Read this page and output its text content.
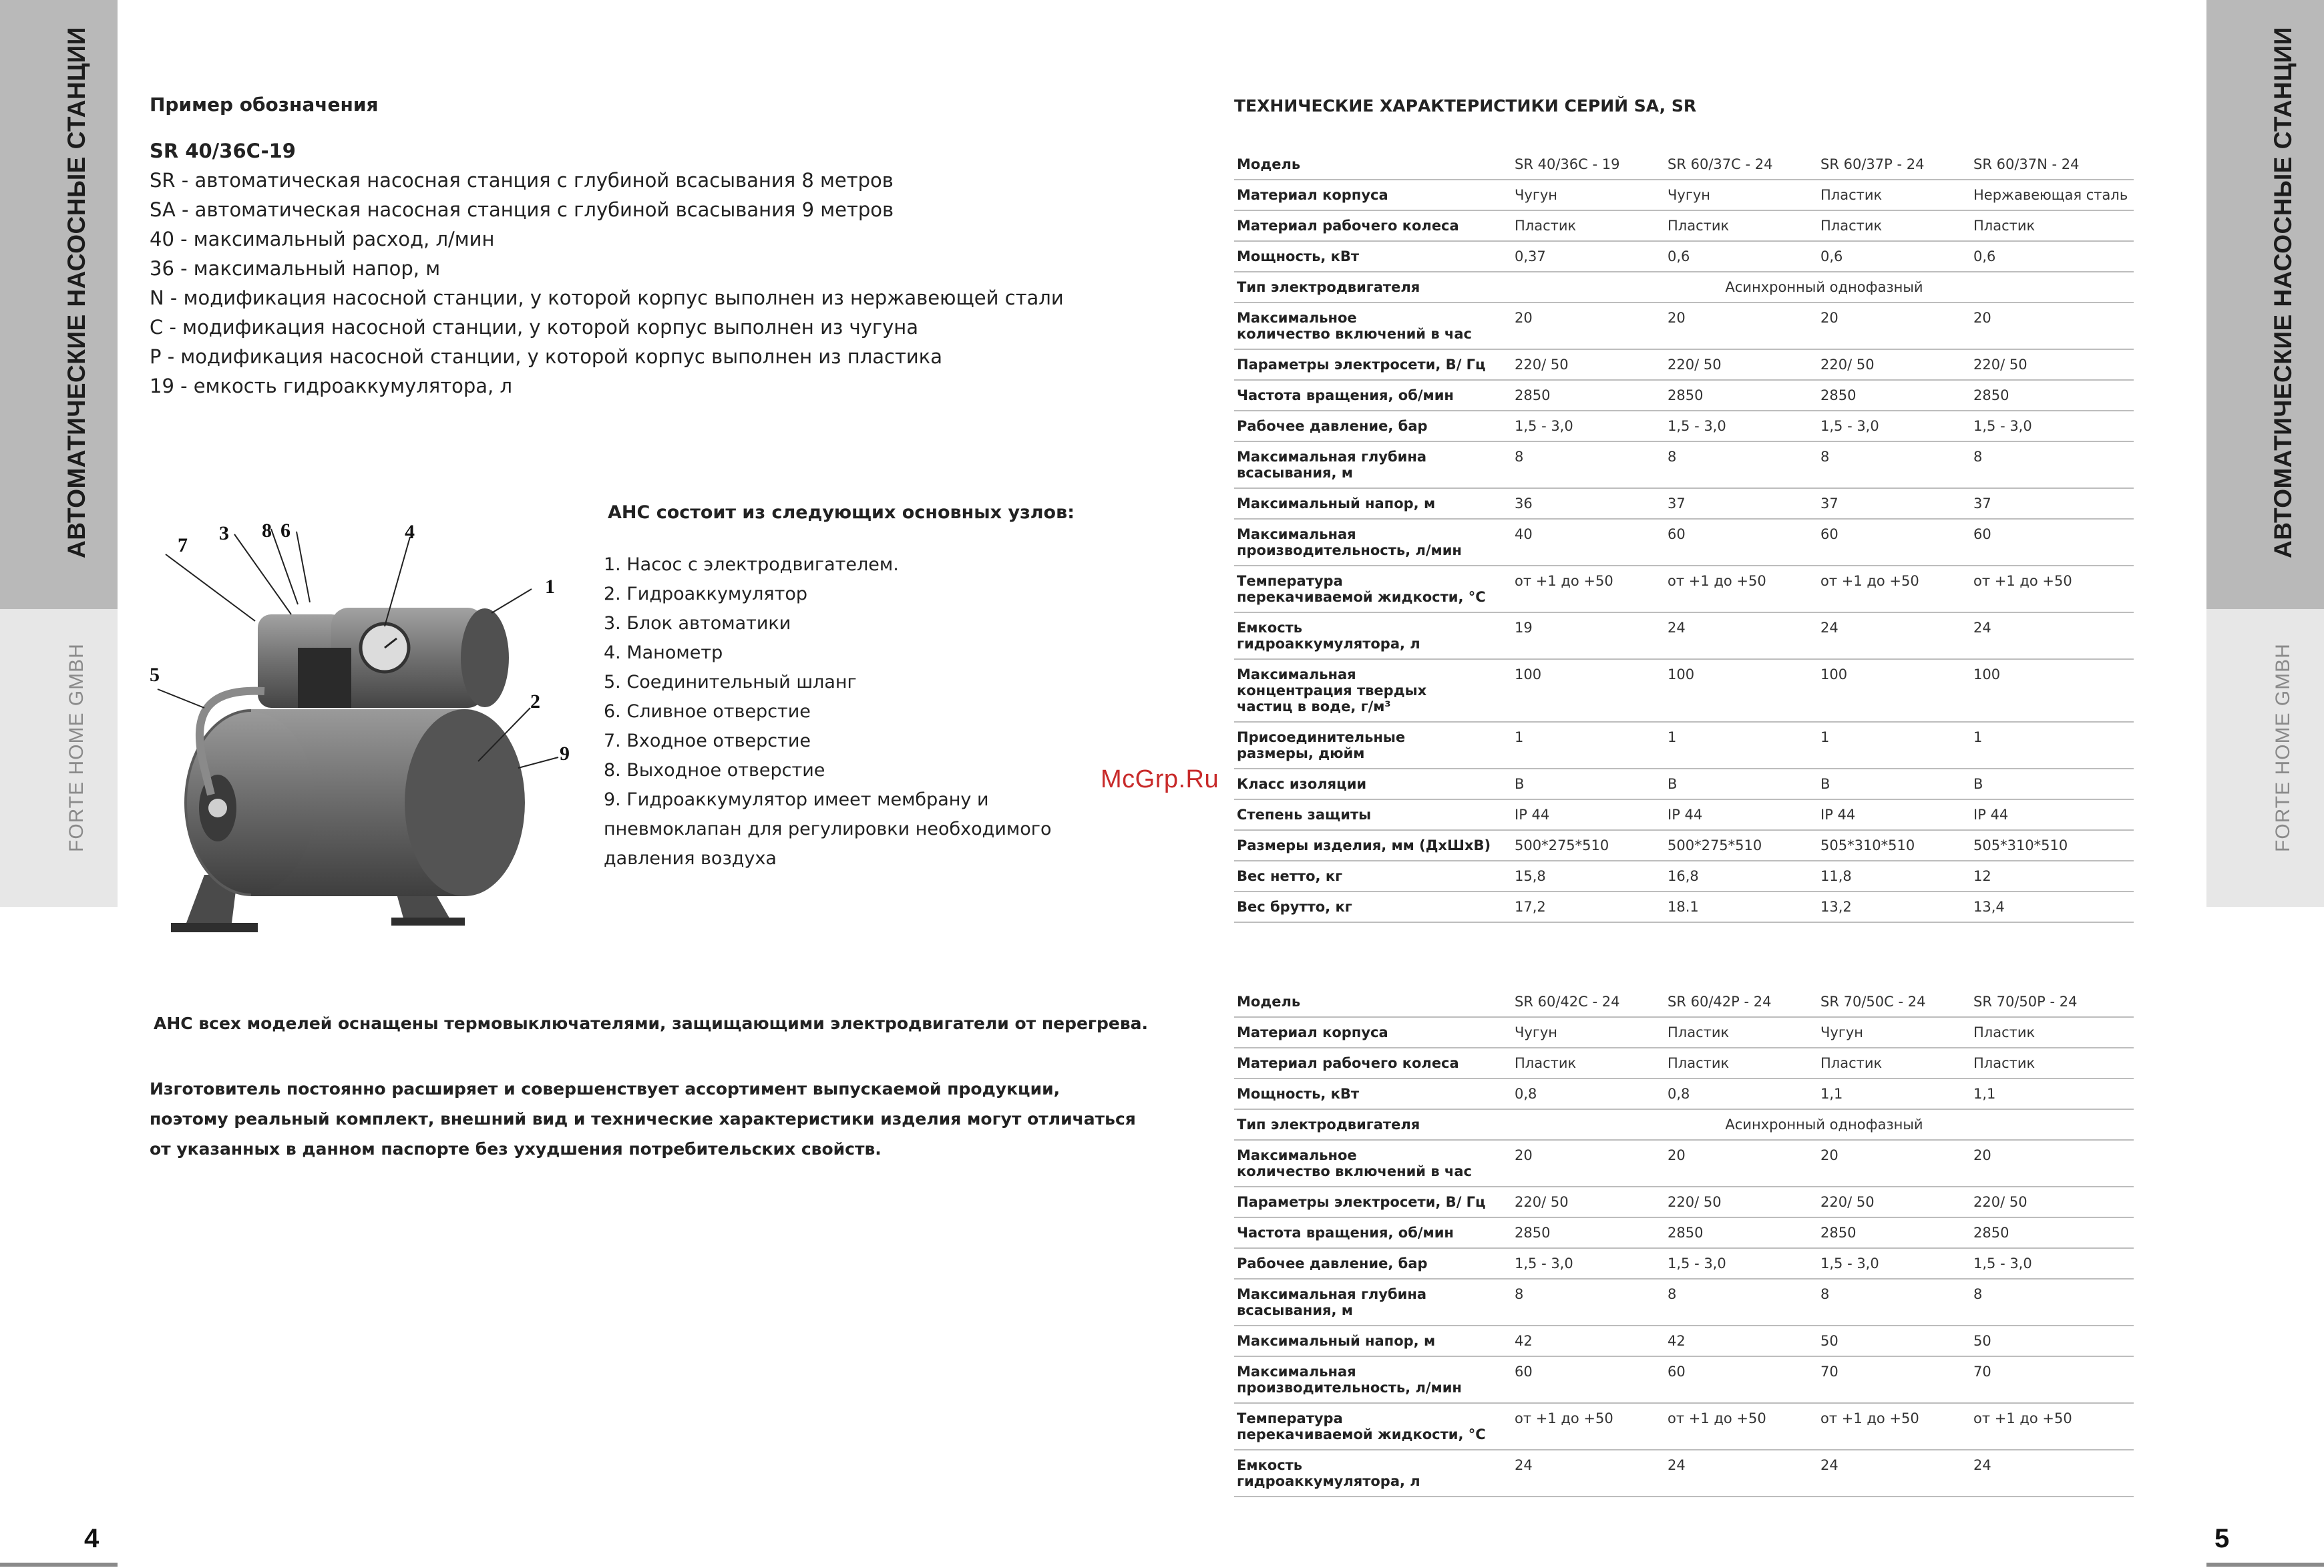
АВТОМАТИЧЕСКИЕ НАСОСНЫЕ СТАНЦИИ
FORTE HOME GMBH
АВТОМАТИЧЕСКИЕ НАСОСНЫЕ СТАНЦИИ
FORTE HOME GMBH
Пример обозначения
SR 40/36C-19
SR - автоматическая насосная станция с глубиной всасывания 8 метров
SA - автоматическая насосная станция с глубиной всасывания 9 метров
40 - максимальный расход, л/мин
36 - максимальный напор, м
N - модификация насосной станции, у которой корпус выполнен из нержавеющей стали
C - модификация насосной станции, у которой корпус выполнен из чугуна
P - модификация насосной станции, у которой корпус выполнен из пластика
19 - емкость гидроаккумулятора, л
1
2
3	4
5
6
7
8
9
АНС состоит из следующих основных узлов:
1. Насос с электродвигателем.
2. Гидроаккумулятор
3. Блок автоматики
4. Манометр
5. Соединительный шланг
6. Сливное отверстие
7. Входное отверстие
8. Выходное отверстие
9. Гидроаккумулятор имеет мембрану и
пневмоклапан для регулировки необходимого
давления воздуха
АНС всех моделей оснащены термовыключателями, защищающими электродвигатели от перегрева.
Изготовитель постоянно расширяет и совершенствует ассортимент выпускаемой продукции,
поэтому реальный комплект, внешний вид и технические характеристики изделия могут отличаться
от указанных в данном паспорте без ухудшения потребительских свойств.
4
McGrp.Ru
ТЕХНИЧЕСКИЕ ХАРАКТЕРИСТИКИ СЕРИЙ SA, SR
Модель	SR 40/36C - 19	SR 60/37C - 24	SR 60/37P - 24	SR 60/37N - 24

Материал корпуса	Чугун	Чугун	Пластик	Нержавеющая сталь

Материал рабочего колеса	Пластик	Пластик	Пластик	Пластик

Мощность, кВт	0,37	0,6	0,6	0,6

Тип электродвигателя	Асинхронный однофазный			

Максимальное
количество включений в час	20	20	20	20

Параметры электросети, В/ Гц	220/ 50	220/ 50	220/ 50	220/ 50

Частота вращения, об/мин	2850	2850	2850	2850

Рабочее давление, бар	1,5 - 3,0	1,5 - 3,0	1,5 - 3,0	1,5 - 3,0

Максимальная глубина
всасывания, м	8	8	8	8

Максимальный напор, м	36	37	37	37

Максимальная
производительность, л/мин	40	60	60	60

Температура
перекачиваемой жидкости, °С	от +1 до +50	от +1 до +50	от +1 до +50	от +1 до +50

Емкость
гидроаккумулятора, л	19	24	24	24

Максимальная
концентрация твердых
частиц в воде, г/м³	100	100	100	100

Присоединительные
размеры, дюйм	1	1	1	1

Класс изоляции	B	B	B	B

Степень защиты	IP 44	IP 44	IP 44	IP 44

Размеры изделия, мм (ДхШхВ)	500*275*510	500*275*510	505*310*510	505*310*510

Вес нетто, кг	15,8	16,8	11,8	12

Вес брутто, кг	17,2	18.1	13,2	13,4
Модель	SR 60/42C - 24	SR 60/42P - 24	SR 70/50C - 24	SR 70/50P - 24

Материал корпуса	Чугун	Пластик	Чугун	Пластик

Материал рабочего колеса	Пластик	Пластик	Пластик	Пластик

Мощность, кВт	0,8	0,8	1,1	1,1

Тип электродвигателя	Асинхронный однофазный			

Максимальное
количество включений в час	20	20	20	20

Параметры электросети, В/ Гц	220/ 50	220/ 50	220/ 50	220/ 50

Частота вращения, об/мин	2850	2850	2850	2850

Рабочее давление, бар	1,5 - 3,0	1,5 - 3,0	1,5 - 3,0	1,5 - 3,0

Максимальная глубина
всасывания, м	8	8	8	8

Максимальный напор, м	42	42	50	50

Максимальная
производительность, л/мин	60	60	70	70

Температура
перекачиваемой жидкости, °С	от +1 до +50	от +1 до +50	от +1 до +50	от +1 до +50

Емкость
гидроаккумулятора, л	24	24	24	24
5
